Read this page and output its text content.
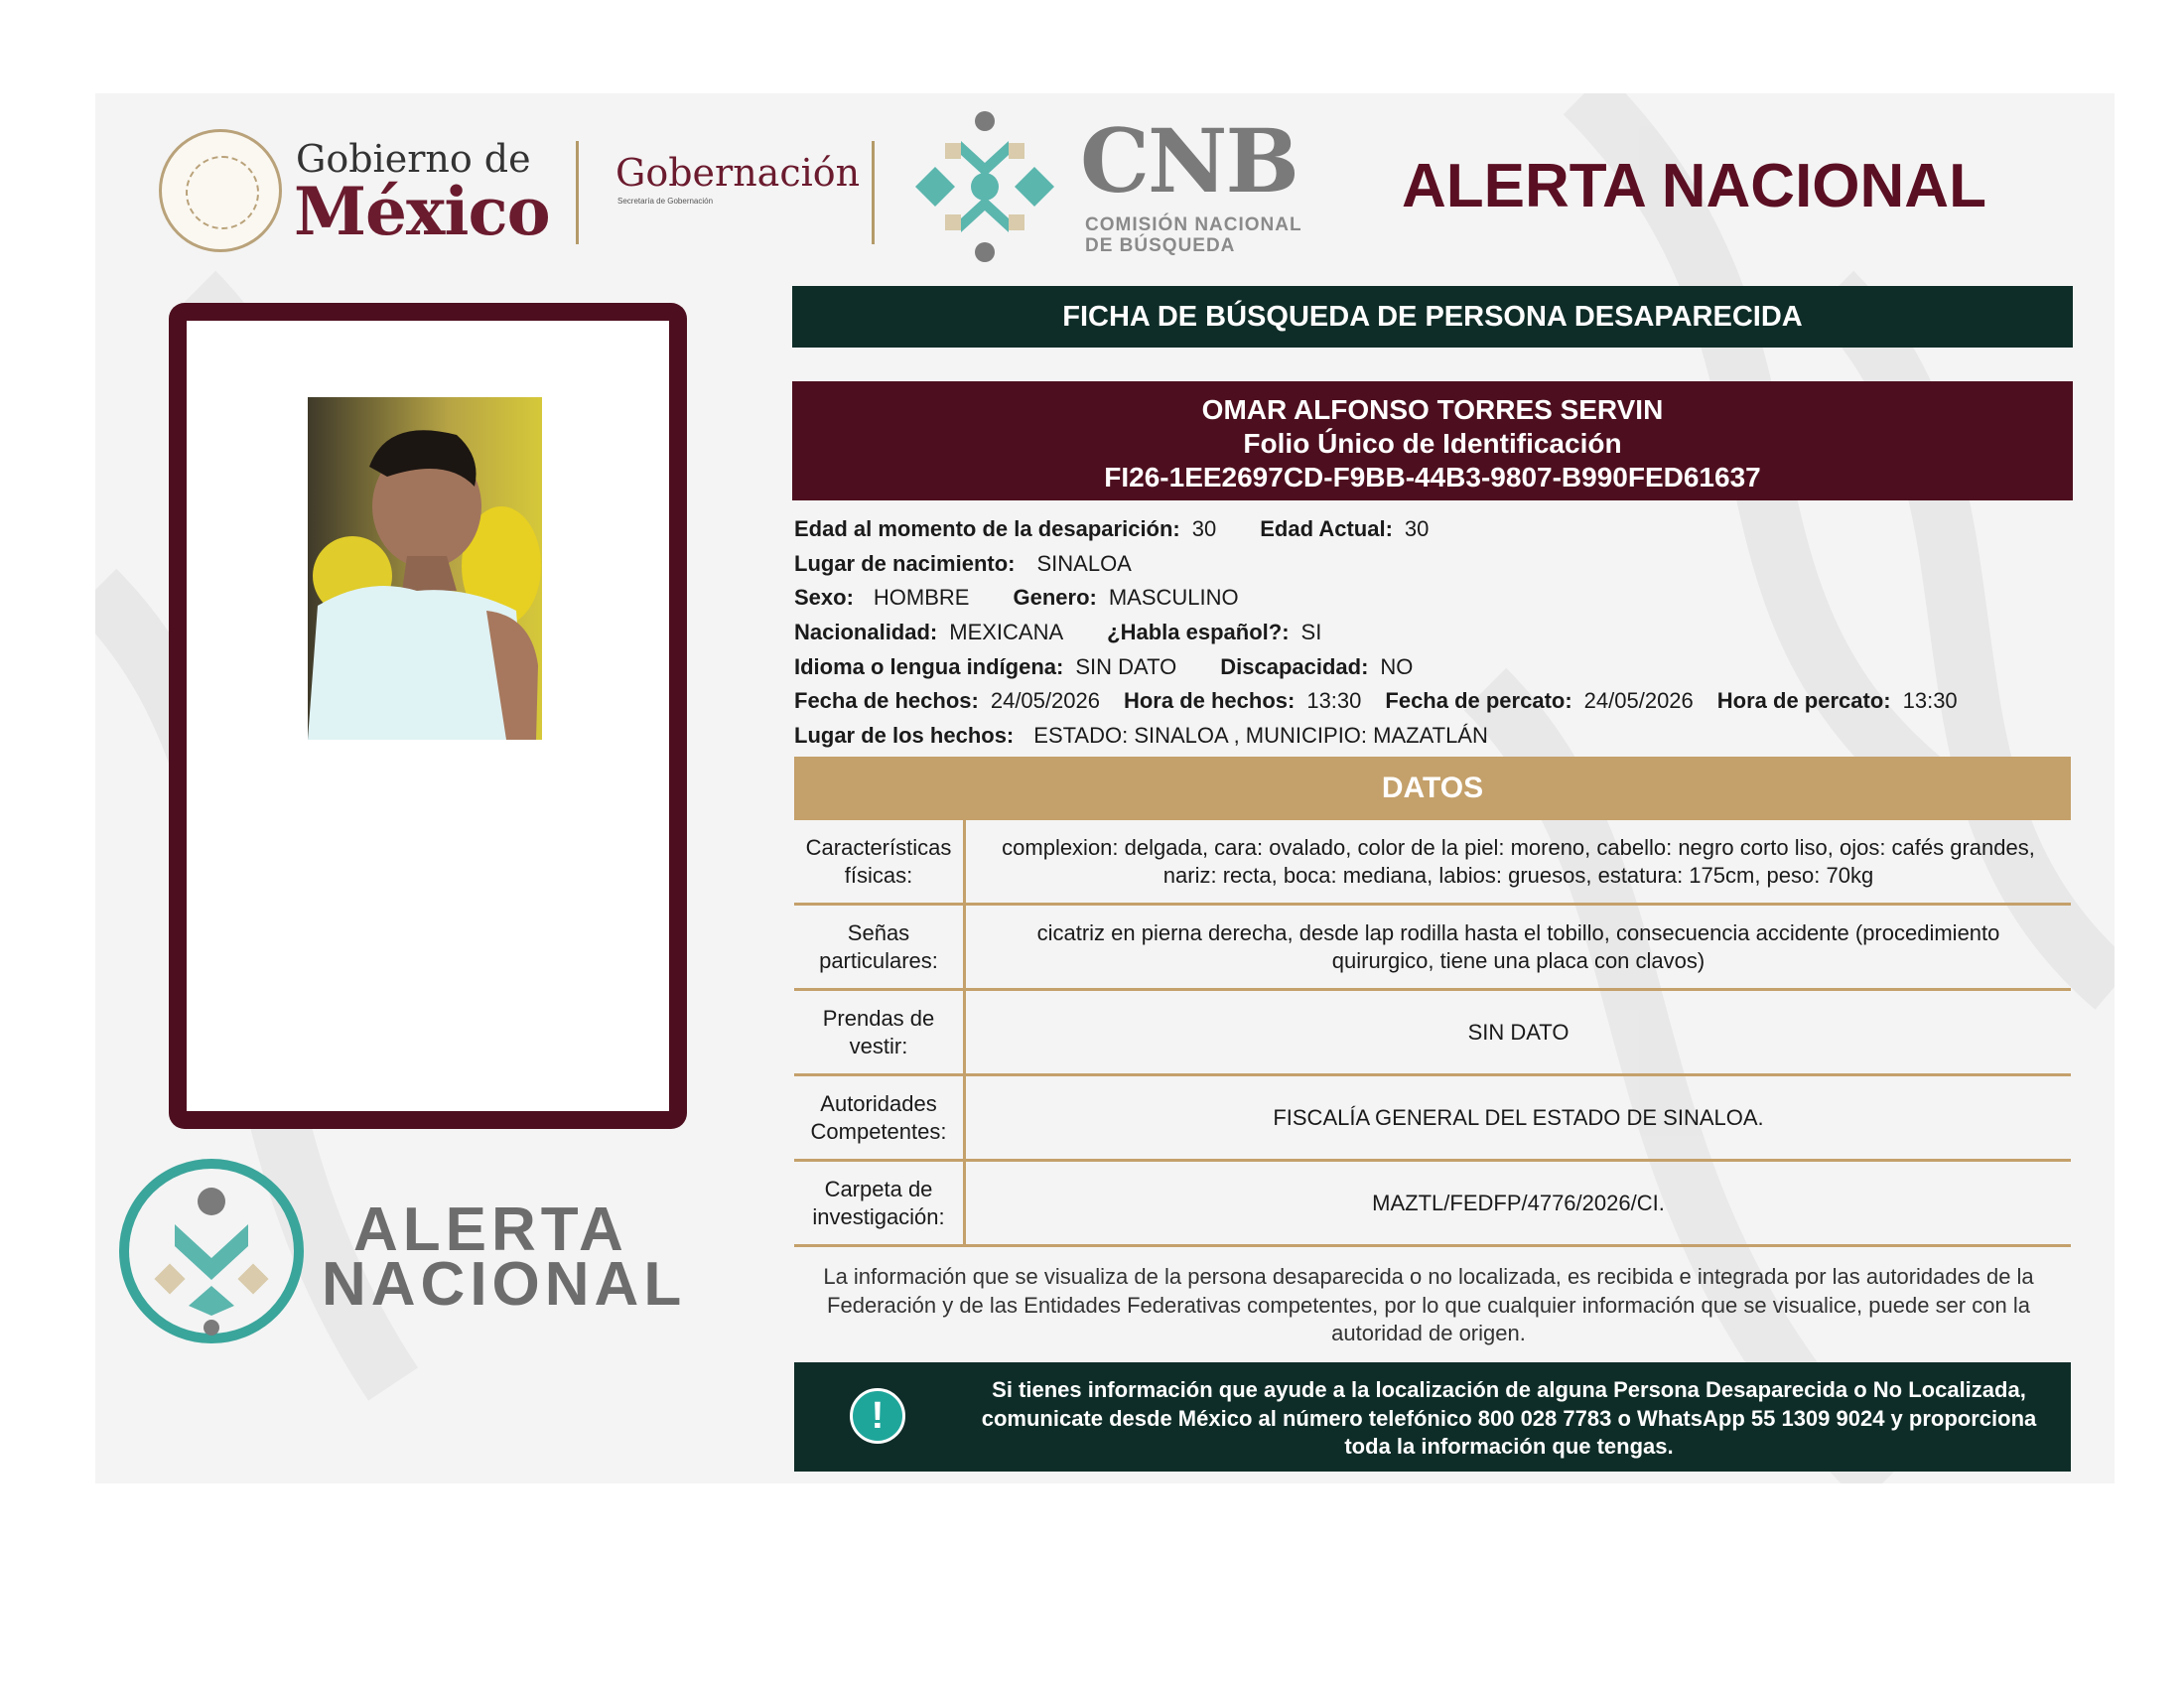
Gobierno de
México Gobernación
Secretaría de Gobernación	CNB
COMISIÓN NACIONAL
DE BÚSQUEDA
ALERTA NACIONAL
ALERTA
NACIONAL
FICHA DE BÚSQUEDA DE PERSONA DESAPARECIDA
OMAR ALFONSO TORRES SERVIN
Folio Único de Identificación
FI26-1EE2697CD-F9BB-44B3-9807-B990FED61637
Edad al momento de la desaparición: 30 Edad Actual: 30
Lugar de nacimiento: SINALOA
Sexo: HOMBRE Genero: MASCULINO
Nacionalidad: MEXICANA ¿Habla español?: SI
Idioma o lengua indígena: SIN DATO Discapacidad: NO
Fecha de hechos: 24/05/2026 Hora de hechos: 13:30 Fecha de percato: 24/05/2026 Hora de percato: 13:30
Lugar de los hechos: ESTADO: SINALOA , MUNICIPIO: MAZATLÁN
DATOS
Características físicas:	complexion: delgada, cara: ovalado, color de la piel: moreno, cabello: negro corto liso, ojos: cafés grandes, nariz: recta, boca: mediana, labios: gruesos, estatura: 175cm, peso: 70kg
Señas particulares:	cicatriz en pierna derecha, desde lap rodilla hasta el tobillo, consecuencia accidente (procedimiento quirurgico, tiene una placa con clavos)
Prendas de vestir:	SIN DATO
Autoridades Competentes:	FISCALÍA GENERAL DEL ESTADO DE SINALOA.
Carpeta de investigación:	MAZTL/FEDFP/4776/2026/CI.
La información que se visualiza de la persona desaparecida o no localizada, es recibida e integrada por las autoridades de la Federación y de las Entidades Federativas competentes, por lo que cualquier información que se visualice, puede ser con la autoridad de origen.
!
Si tienes información que ayude a la localización de alguna Persona Desaparecida o No Localizada, comunicate desde México al número telefónico 800 028 7783 o WhatsApp 55 1309 9024 y proporciona toda la información que tengas.
